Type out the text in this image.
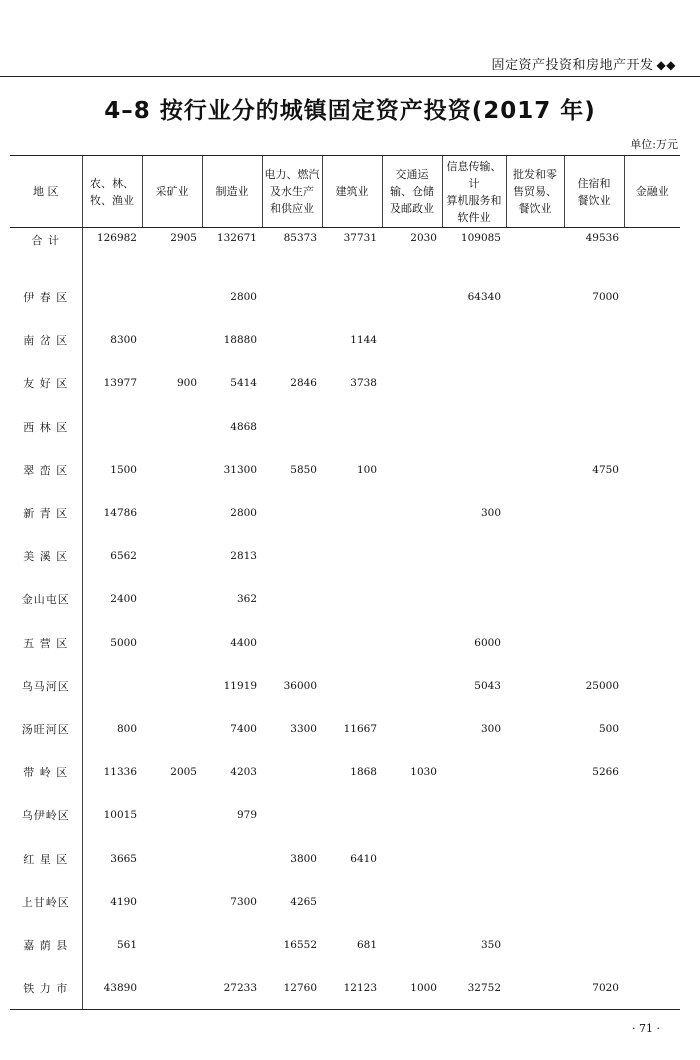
固定资产投资和房地产开发 ◆◆
4–8 按行业分的城镇固定资产投资(2017 年)
单位:万元
地 区	农、林、
牧、渔业	采矿业	制造业	电力、燃汽
及水生产
和供应业	建筑业	交通运
输、仓储
及邮政业	信息传输、计
算机服务和
软件业	批发和零
售贸易、
餐饮业	住宿和
餐饮业	金融业
合 计	126982	2905	132671	85373	37731	2030	109085		49536	
伊 春 区			2800				64340		7000	
南 岔 区	8300		18880		1144					
友 好 区	13977	900	5414	2846	3738					
西 林 区			4868							
翠 峦 区	1500		31300	5850	100				4750	
新 青 区	14786		2800				300			
美 溪 区	6562		2813							
金山屯区	2400		362							
五 营 区	5000		4400				6000			
乌马河区			11919	36000			5043		25000	
汤旺河区	800		7400	3300	11667		300		500	
带 岭 区	11336	2005	4203		1868	1030			5266	
乌伊岭区	10015		979							
红 星 区	3665			3800	6410					
上甘岭区	4190		7300	4265						
嘉 荫 县	561			16552	681		350			
铁 力 市	43890		27233	12760	12123	1000	32752		7020	
· 71 ·
